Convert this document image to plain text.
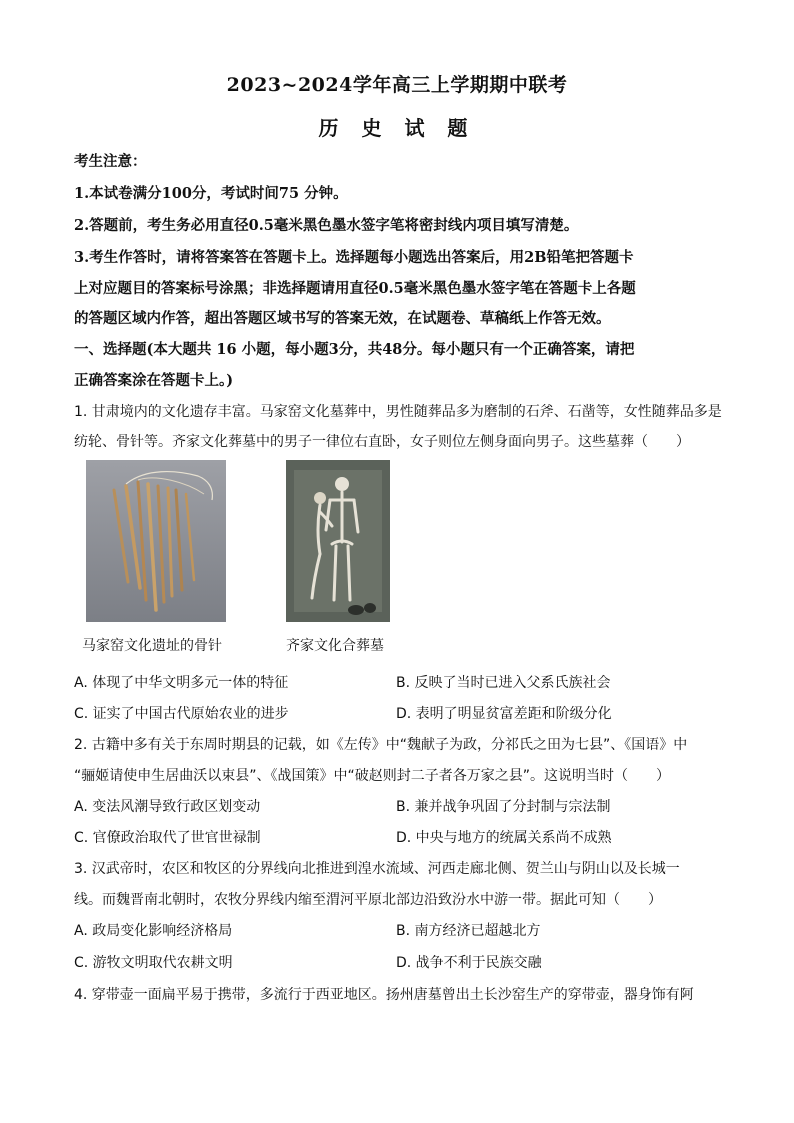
2023~2024学年高三上学期期中联考
历 史 试 题
考生注意：
1.本试卷满分100分，考试时间75 分钟。
2.答题前，考生务必用直径0.5毫米黑色墨水签字笔将密封线内项目填写清楚。
3.考生作答时，请将答案答在答题卡上。选择题每小题选出答案后，用2B铅笔把答题卡
上对应题目的答案标号涂黑；非选择题请用直径0.5毫米黑色墨水签字笔在答题卡上各题
的答题区域内作答，超出答题区域书写的答案无效，在试题卷、草稿纸上作答无效。
一、选择题(本大题共 16 小题，每小题3分，共48分。每小题只有一个正确答案，请把
正确答案涂在答题卡上。)
1. 甘肃境内的文化遗存丰富。马家窑文化墓葬中，男性随葬品多为磨制的石斧、石凿等，女性随葬品多是
纺轮、骨针等。齐家文化葬墓中的男子一律位右直卧，女子则位左侧身面向男子。这些墓葬（　　）
马家窑文化遗址的骨针	齐家文化合葬墓
A. 体现了中华文明多元一体的特征	B. 反映了当时已进入父系氏族社会
C. 证实了中国古代原始农业的进步	D. 表明了明显贫富差距和阶级分化
2. 古籍中多有关于东周时期县的记载，如《左传》中“魏献子为政，分祁氏之田为七县”、《国语》中
“骊姬请使申生居曲沃以束县”、《战国策》中“破赵则封二子者各万家之县”。这说明当时（　　）
A. 变法风潮导致行政区划变动	B. 兼并战争巩固了分封制与宗法制
C. 官僚政治取代了世官世禄制	D. 中央与地方的统属关系尚不成熟
3. 汉武帝时，农区和牧区的分界线向北推进到湟水流域、河西走廊北侧、贺兰山与阴山以及长城一
线。而魏晋南北朝时，农牧分界线内缩至渭河平原北部边沿致汾水中游一带。据此可知（　　）
A. 政局变化影响经济格局	B. 南方经济已超越北方
C. 游牧文明取代农耕文明	D. 战争不利于民族交融
4. 穿带壶一面扁平易于携带，多流行于西亚地区。扬州唐墓曾出土长沙窑生产的穿带壶，器身饰有阿
